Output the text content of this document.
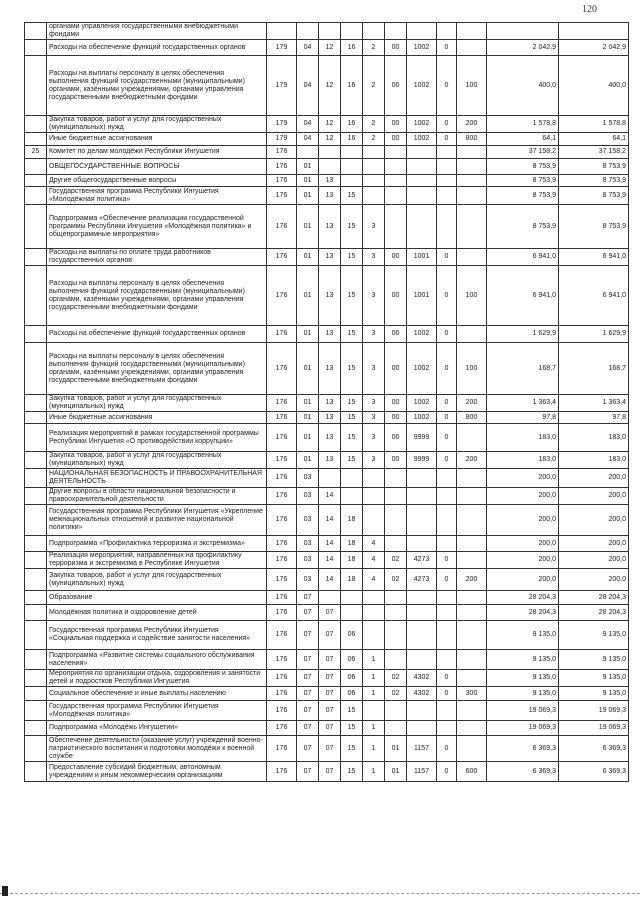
120
	органами управления государственными внебюджетными фондами											
	Расходы на обеспечение функций государственных органов	179	04	12	16	2	00	1002	0		2 042,9	2 042,9
	Расходы на выплаты персоналу в целях обеспечения выполнения функций государственными (муниципальными) органами, казёнными учреждениями, органами управления государственными внебюджетными фондами	179	04	12	16	2	00	1002	0	100	400,0	400,0
	Закупка товаров, работ и услуг для государственных (муниципальных) нужд	179	04	12	16	2	00	1002	0	200	1 578,8	1 578,8
	Иные бюджетные ассигнования	179	04	12	16	2	00	1002	0	800	64,1	64,1
25	Комитет по делам молодёжи Республики Ингушетия	176									37 158,2	37 158,2
	ОБЩЕГОСУДАРСТВЕННЫЕ ВОПРОСЫ	176	01								8 753,9	8 753,9
	Другие общегосударственные вопросы	176	01	13							8 753,9	8 753,9
	Государственная программа Республики Ингушетия «Молодёжная политика»	176	01	13	15						8 753,9	8 753,9
	Подпрограмма «Обеспечение реализации государственной программы Республики Ингушетия «Молодёжная политика» и общепрограммные мероприятия»	176	01	13	15	3					8 753,9	8 753,9
	Расходы на выплаты по оплате труда работников государственных органов	176	01	13	15	3	00	1001	0		6 941,0	6 941,0
	Расходы на выплаты персоналу в целях обеспечения выполнения функций государственными (муниципальными) органами, казёнными учреждениями, органами управления государственными внебюджетными фондами	176	01	13	15	3	00	1001	0	100	6 941,0	6 941,0
	Расходы на обеспечение функций государственных органов	176	01	13	15	3	00	1002	0		1 629,9	1 629,9
	Расходы на выплаты персоналу в целях обеспечения выполнения функций государственными (муниципальными) органами, казёнными учреждениями, органами управления государственными внебюджетными фондами	176	01	13	15	3	00	1002	0	100	168,7	168,7
	Закупка товаров, работ и услуг для государственных (муниципальных) нужд	176	01	13	15	3	00	1002	0	200	1 363,4	1 363,4
	Иные бюджетные ассигнования	176	01	13	15	3	00	1002	0	800	97,8	97,8
	Реализация мероприятий в рамках государственной программы Республики Ингушетия «О противодействии коррупции»	176	01	13	15	3	00	9999	0		183,0	183,0
	Закупка товаров, работ и услуг для государственных (муниципальных) нужд	176	01	13	15	3	00	9999	0	200	183,0	183,0
	НАЦИОНАЛЬНАЯ БЕЗОПАСНОСТЬ И ПРАВООХРАНИТЕЛЬНАЯ ДЕЯТЕЛЬНОСТЬ	176	03								200,0	200,0
	Другие вопросы в области национальной безопасности и правоохранительной деятельности	176	03	14							200,0	200,0
	Государственная программа Республики Ингушетия «Укрепление межнациональных отношений и развитие национальной политики»	176	03	14	18						200,0	200,0
	Подпрограмма «Профилактика терроризма и экстремизма»	176	03	14	18	4					200,0	200,0
	Реализация мероприятий, направленных на профилактику терроризма и экстремизма в Республике Ингушетия	176	03	14	18	4	02	4273	0		200,0	200,0
	Закупка товаров, работ и услуг для государственных (муниципальных) нужд	176	03	14	18	4	02	4273	0	200	200,0	200,0
	Образование	176	07								28 204,3	28 204,3
	Молодёжная политика и оздоровление детей	176	07	07							28 204,3	28 204,3
	Государственная программа Республики Ингушетия «Социальная поддержка и содействие занятости населения»	176	07	07	06						9 135,0	9 135,0
	Подпрограмма «Развитие системы социального обслуживания населения»	176	07	07	06	1					9 135,0	9 135,0
	Мероприятия по организации отдыха, оздоровления и занятости детей и подростков Республики Ингушетия	176	07	07	06	1	02	4302	0		9 135,0	9 135,0
	Социальное обеспечение и иные выплаты населению	176	07	07	06	1	02	4302	0	300	9 135,0	9 135,0
	Государственная программа Республики Ингушетия «Молодёжная политика»	176	07	07	15						19 069,3	19 069,3
	Подпрограмма «Молодёжь Ингушетии»	176	07	07	15	1					19 069,3	19 069,3
	Обеспечение деятельности (оказание услуг) учреждений военно-патриотического воспитания и подготовки молодёжи к военной службе	176	07	07	15	1	01	1157	0		6 369,3	6 369,3
	Предоставление субсидий бюджетным, автономным учреждениям и иным некоммерческим организациям	176	07	07	15	1	01	1157	0	600	6 369,3	6 369,3
